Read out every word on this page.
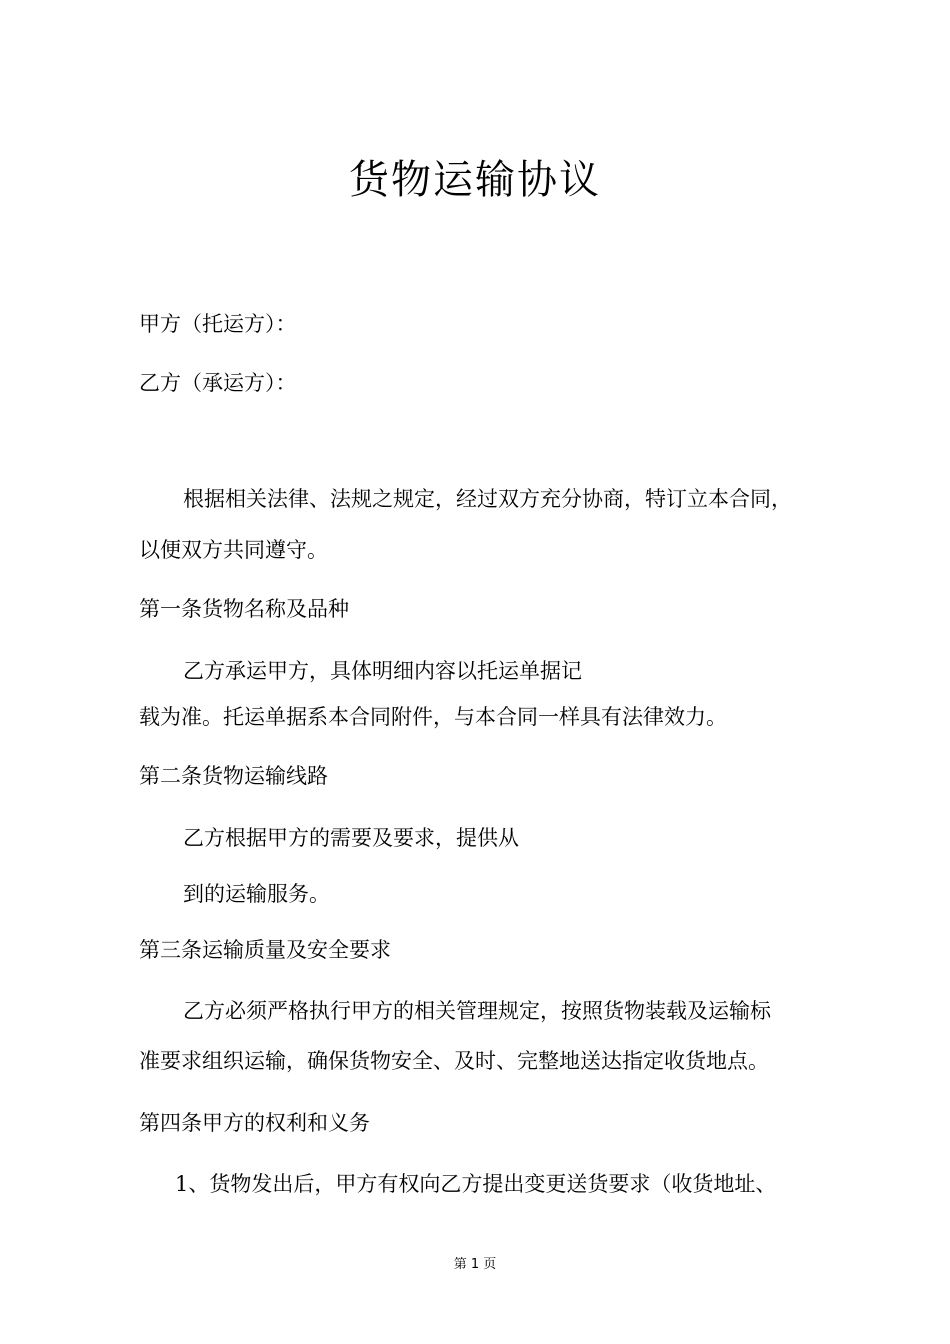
货物运输协议
甲方（托运方）：
乙方（承运方）：
根据相关法律、法规之规定，经过双方充分协商，特订立本合同，
以便双方共同遵守。
第一条货物名称及品种
乙方承运甲方，具体明细内容以托运单据记
载为准。托运单据系本合同附件，与本合同一样具有法律效力。
第二条货物运输线路
乙方根据甲方的需要及要求，提供从
到的运输服务。
第三条运输质量及安全要求
乙方必须严格执行甲方的相关管理规定，按照货物装载及运输标
准要求组织运输，确保货物安全、及时、完整地送达指定收货地点。
第四条甲方的权利和义务
1、货物发出后，甲方有权向乙方提出变更送货要求（收货地址、
第 1 页
